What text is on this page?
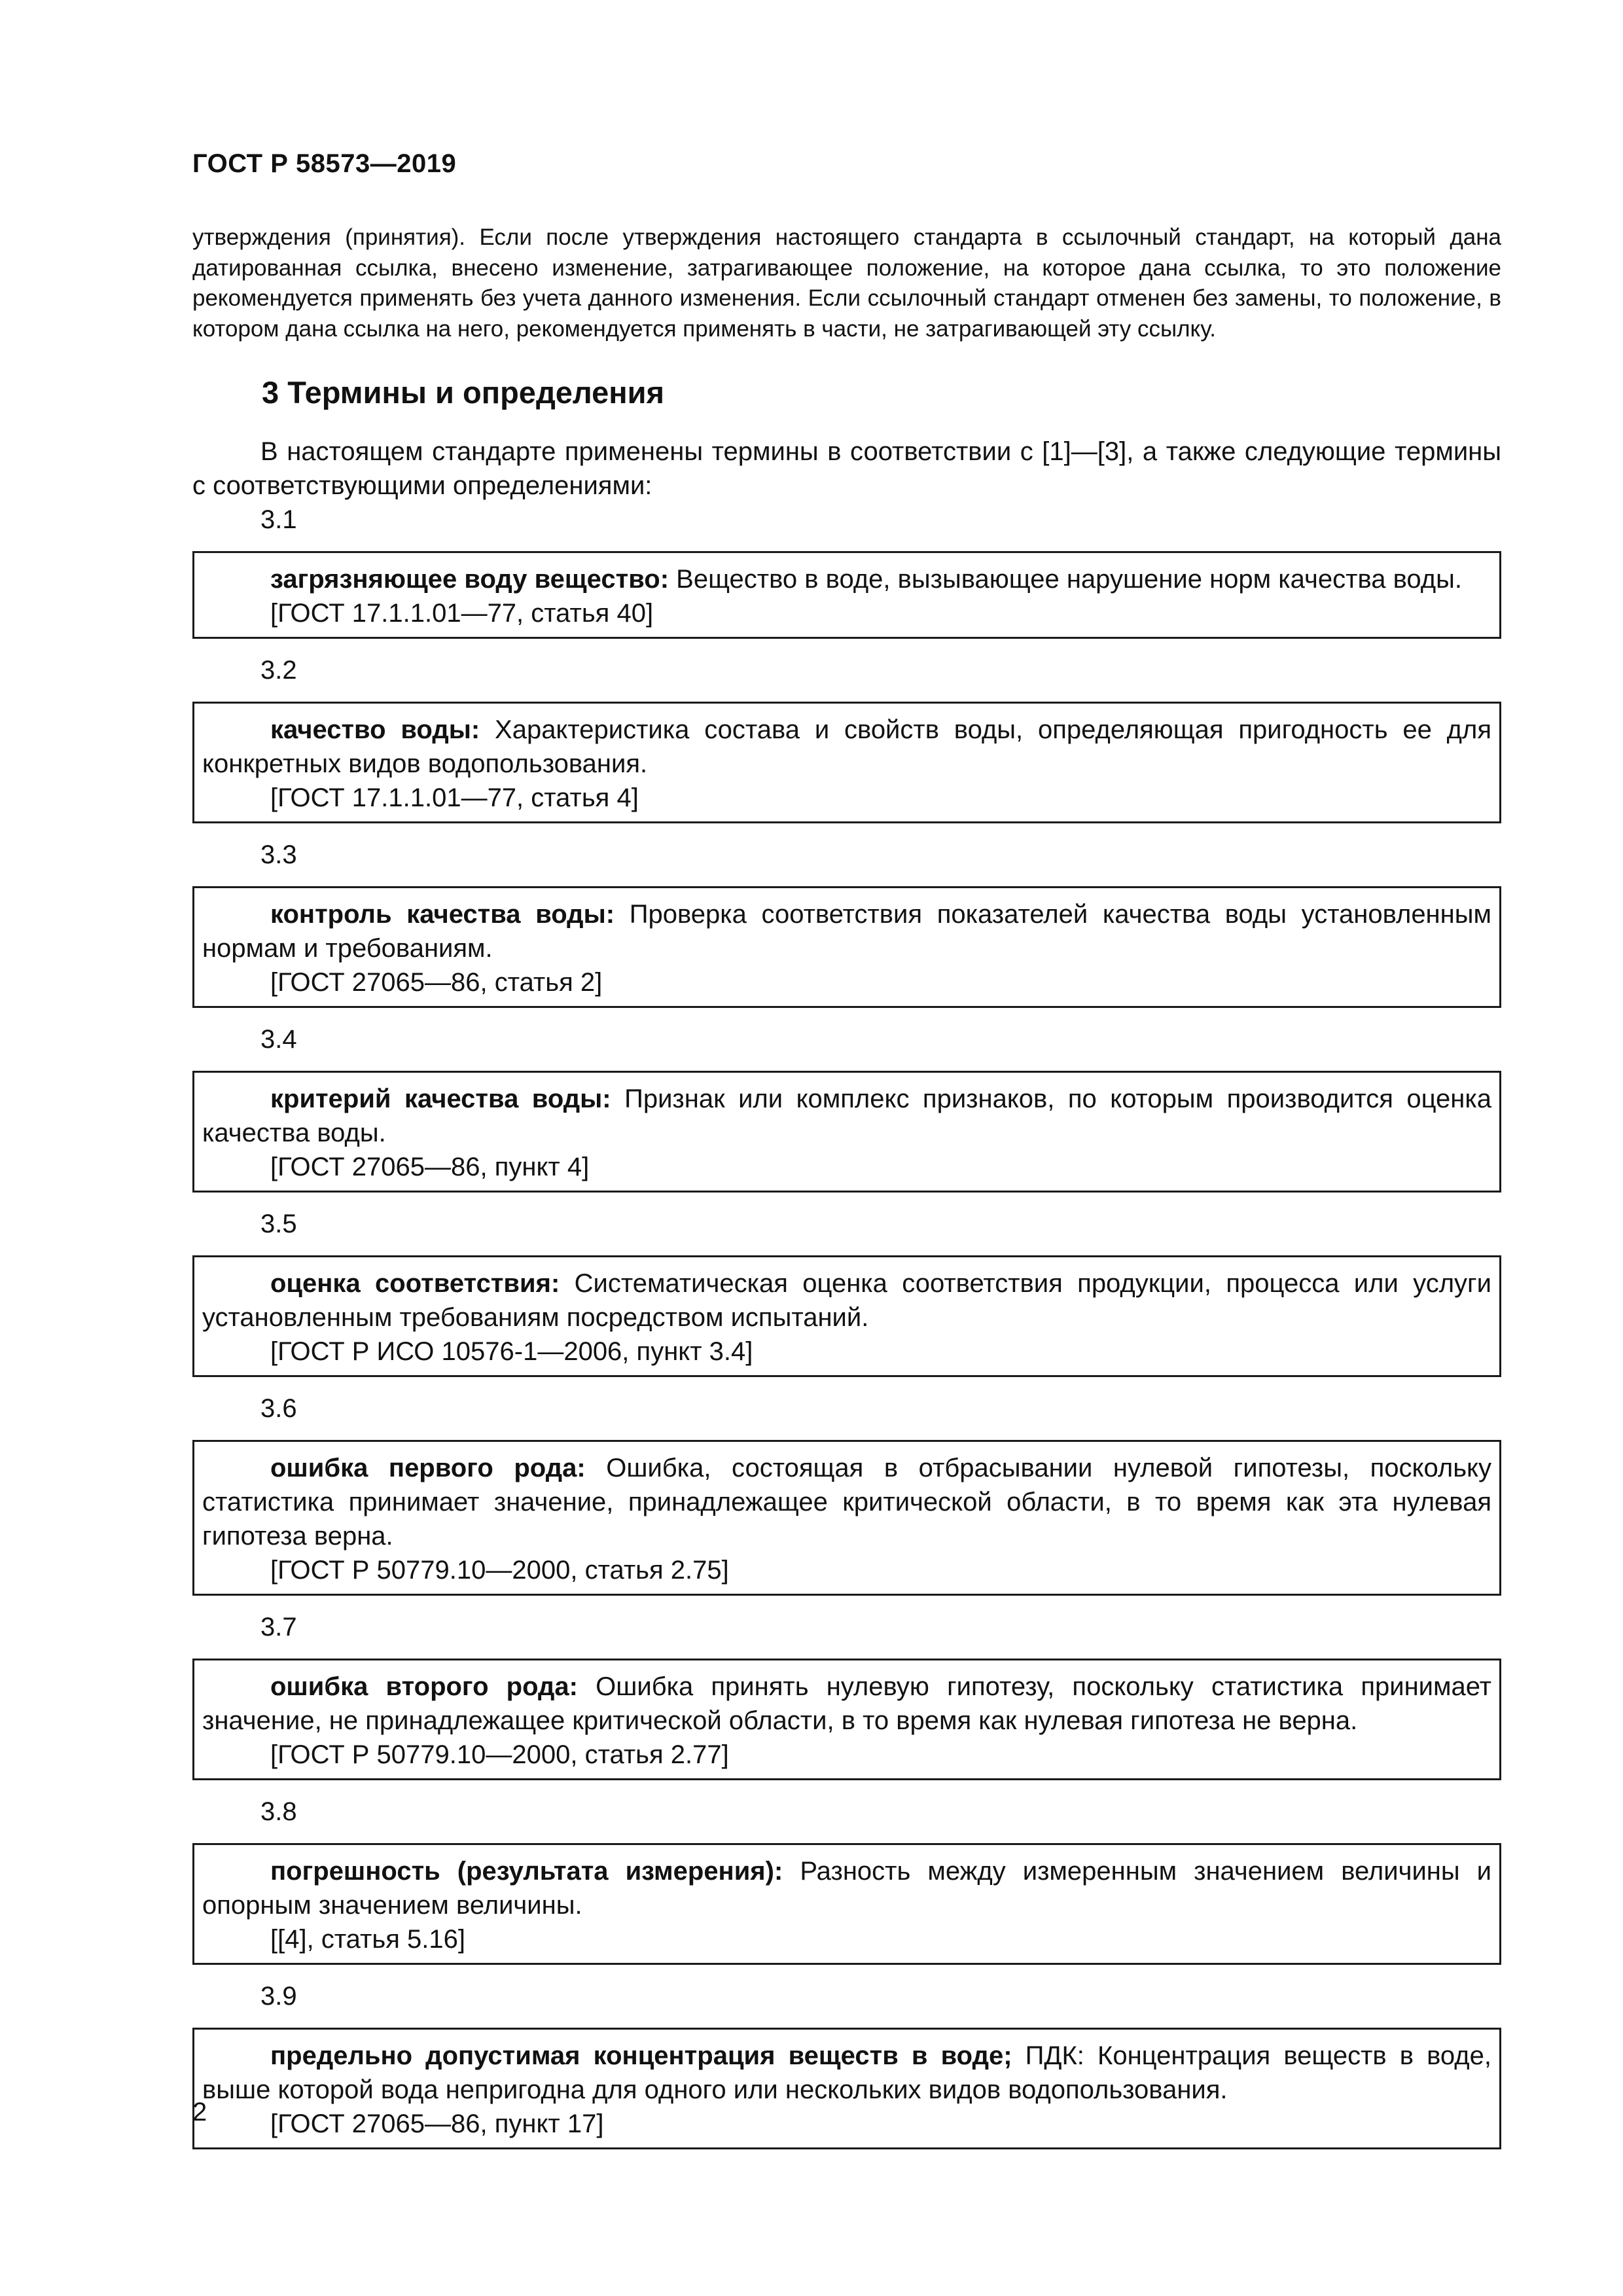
ГОСТ Р 58573—2019
утверждения (принятия). Если после утверждения настоящего стандарта в ссылочный стандарт, на который дана датированная ссылка, внесено изменение, затрагивающее положение, на которое дана ссылка, то это положение рекомендуется применять без учета данного изменения. Если ссылочный стандарт отменен без замены, то положение, в котором дана ссылка на него, рекомендуется применять в части, не затрагивающей эту ссылку.
3 Термины и определения
В настоящем стандарте применены термины в соответствии с [1]—[3], а также следующие термины с соответствующими определениями:
3.1
загрязняющее воду вещество: Вещество в воде, вызывающее нарушение норм качества воды.
[ГОСТ 17.1.1.01—77, статья 40]
3.2
качество воды: Характеристика состава и свойств воды, определяющая пригодность ее для конкретных видов водопользования.
[ГОСТ 17.1.1.01—77, статья 4]
3.3
контроль качества воды: Проверка соответствия показателей качества воды установленным нормам и требованиям.
[ГОСТ 27065—86, статья 2]
3.4
критерий качества воды: Признак или комплекс признаков, по которым производится оценка качества воды.
[ГОСТ 27065—86, пункт 4]
3.5
оценка соответствия: Систематическая оценка соответствия продукции, процесса или услуги установленным требованиям посредством испытаний.
[ГОСТ Р ИСО 10576-1—2006, пункт 3.4]
3.6
ошибка первого рода: Ошибка, состоящая в отбрасывании нулевой гипотезы, поскольку статистика принимает значение, принадлежащее критической области, в то время как эта нулевая гипотеза верна.
[ГОСТ Р 50779.10—2000, статья 2.75]
3.7
ошибка второго рода: Ошибка принять нулевую гипотезу, поскольку статистика принимает значение, не принадлежащее критической области, в то время как нулевая гипотеза не верна.
[ГОСТ Р 50779.10—2000, статья 2.77]
3.8
погрешность (результата измерения): Разность между измеренным значением величины и опорным значением величины.
[[4], статья 5.16]
3.9
предельно допустимая концентрация веществ в воде; ПДК: Концентрация веществ в воде, выше которой вода непригодна для одного или нескольких видов водопользования.
[ГОСТ 27065—86, пункт 17]
2
